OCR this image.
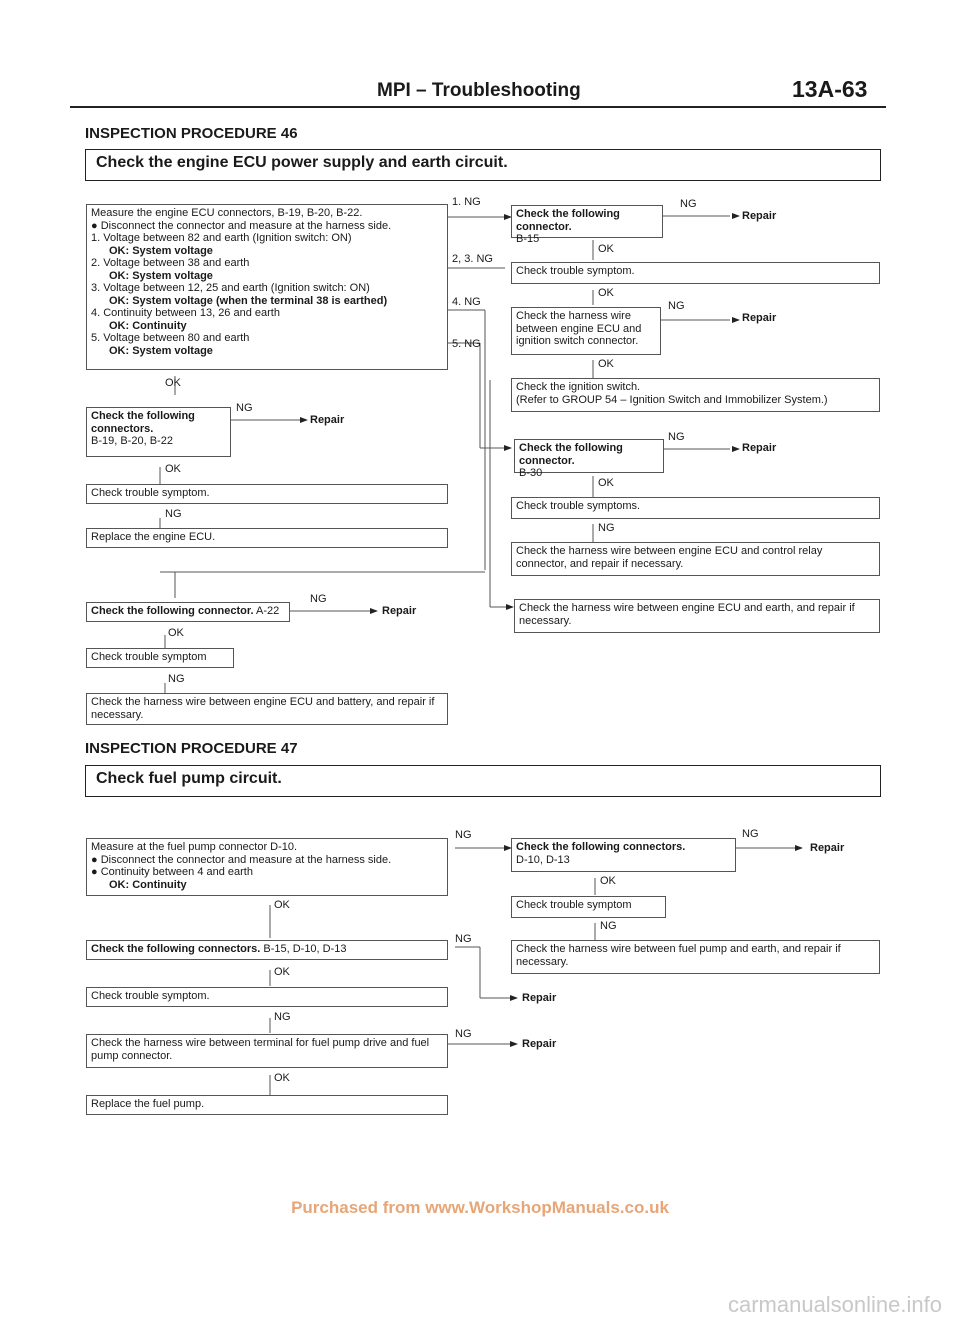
MPI – Troubleshooting	13A-63
INSPECTION PROCEDURE 46
Check the engine ECU power supply and earth circuit.
Measure the engine ECU connectors, B-19, B-20, B-22.
● Disconnect the connector and measure at the harness side.
1. Voltage between 82 and earth (Ignition switch: ON)
OK: System voltage
2. Voltage between 38 and earth
OK: System voltage
3. Voltage between 12, 25 and earth (Ignition switch: ON)
OK: System voltage (when the terminal 38 is earthed)
4. Continuity between 13, 26 and earth
OK: Continuity
5. Voltage between 80 and earth
OK: System voltage
1. NG
2, 3. NG
4. NG
5. NG
OK
Check the following connectors.
B-19, B-20, B-22
NG
Repair
OK
Check trouble symptom.
NG
Replace the engine ECU.
Check the following connector. A-22
NG
Repair
OK
Check trouble symptom
NG
Check the harness wire between engine ECU and battery, and repair if necessary.
Check the following connector.
B-15
NG
Repair
OK
Check trouble symptom.
OK
NG
Check the harness wire between engine ECU and ignition switch connector.
Repair
OK
Check the ignition switch.
(Refer to GROUP 54 – Ignition Switch and Immobilizer System.)
Check the following connector.
B-30
NG
Repair
OK
Check trouble symptoms.
NG
Check the harness wire between engine ECU and control relay connector, and repair if necessary.
Check the harness wire between engine ECU and earth, and repair if necessary.
INSPECTION PROCEDURE 47
Check fuel pump circuit.
Measure at the fuel pump connector D-10.
● Disconnect the connector and measure at the harness side.
● Continuity between 4 and earth
OK: Continuity
NG
OK
Check the following connectors. B-15, D-10, D-13
NG
OK
Check trouble symptom.	Repair
NG
Check the harness wire between terminal for fuel pump drive and fuel pump connector.
NG
Repair
OK
Replace the fuel pump.
Check the following connectors.
D-10, D-13
NG
Repair
OK
Check trouble symptom
NG
Check the harness wire between fuel pump and earth, and repair if necessary.
Purchased from www.WorkshopManuals.co.uk
carmanualsonline.info
